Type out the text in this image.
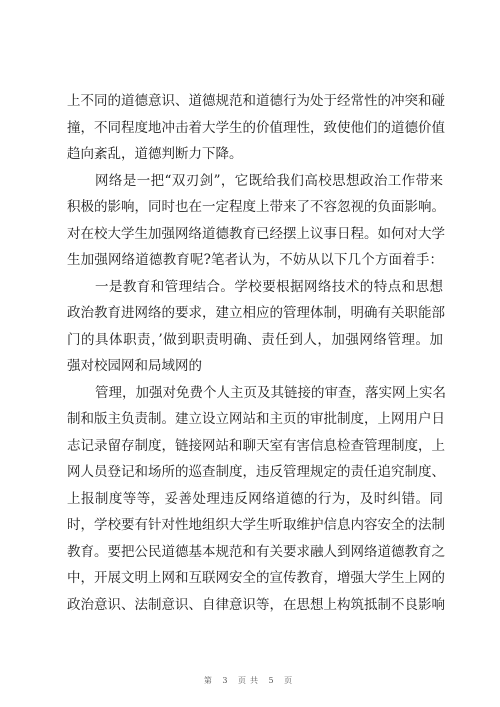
上不同的道德意识、道德规范和道德行为处于经常性的冲突和碰
撞，不同程度地冲击着大学生的价值理性，致使他们的道德价值
趋向紊乱，道德判断力下降。
网络是一把“双刃剑”，它既给我们高校思想政治工作带来
积极的影响，同时也在一定程度上带来了不容忽视的负面影响。
对在校大学生加强网络道德教育已经摆上议事日程。如何对大学
生加强网络道德教育呢?笔者认为，不妨从以下几个方面着手：
一是教育和管理结合。学校要根据网络技术的特点和思想
政治教育进网络的要求，建立相应的管理体制，明确有关职能部
门的具体职责，’做到职责明确、责任到人，加强网络管理。加
强对校园网和局域网的
管理，加强对免费个人主页及其链接的审查，落实网上实名
制和版主负责制。建立设立网站和主页的审批制度，上网用户日
志记录留存制度，链接网站和聊天室有害信息检查管理制度，上
网人员登记和场所的巡查制度，违反管理规定的责任追究制度、
上报制度等等，妥善处理违反网络道德的行为，及时纠错。同
时，学校要有针对性地组织大学生听取维护信息内容安全的法制
教育。要把公民道德基本规范和有关要求融人到网络道德教育之
中，开展文明上网和互联网安全的宣传教育，增强大学生上网的
政治意识、法制意识、自律意识等，在思想上构筑抵制不良影响
第 3 页共 5 页
